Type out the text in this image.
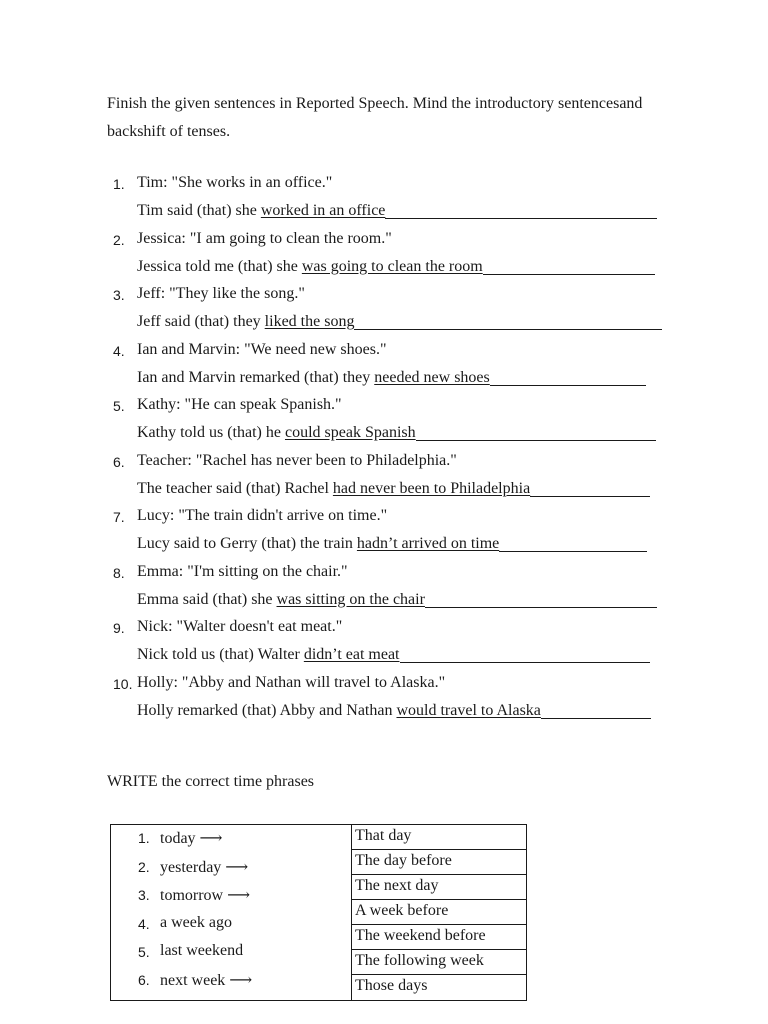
Finish the given sentences in Reported Speech. Mind the introductory sentencesand backshift of tenses.
1. Tim: "She works in an office."
Tim said (that) she worked in an office
2. Jessica: "I am going to clean the room."
Jessica told me (that) she was going to clean the room
3. Jeff: "They like the song."
Jeff said (that) they liked the song
4. Ian and Marvin: "We need new shoes."
Ian and Marvin remarked (that) they needed new shoes
5. Kathy: "He can speak Spanish."
Kathy told us (that) he could speak Spanish
6. Teacher: "Rachel has never been to Philadelphia."
The teacher said (that) Rachel had never been to Philadelphia
7. Lucy: "The train didn't arrive on time."
Lucy said to Gerry (that) the train hadn’t arrived on time
8. Emma: "I'm sitting on the chair."
Emma said (that) she was sitting on the chair
9. Nick: "Walter doesn't eat meat."
Nick told us (that) Walter didn’t eat meat
10. Holly: "Abby and Nathan will travel to Alaska."
Holly remarked (that) Abby and Nathan would travel to Alaska
WRITE the correct time phrases
1. today ⟶
2. yesterday ⟶
3. tomorrow ⟶
4. a week ago
5. last weekend
6. next week ⟶
That day
The day before
The next day
A week before
The weekend before
The following week
Those days
